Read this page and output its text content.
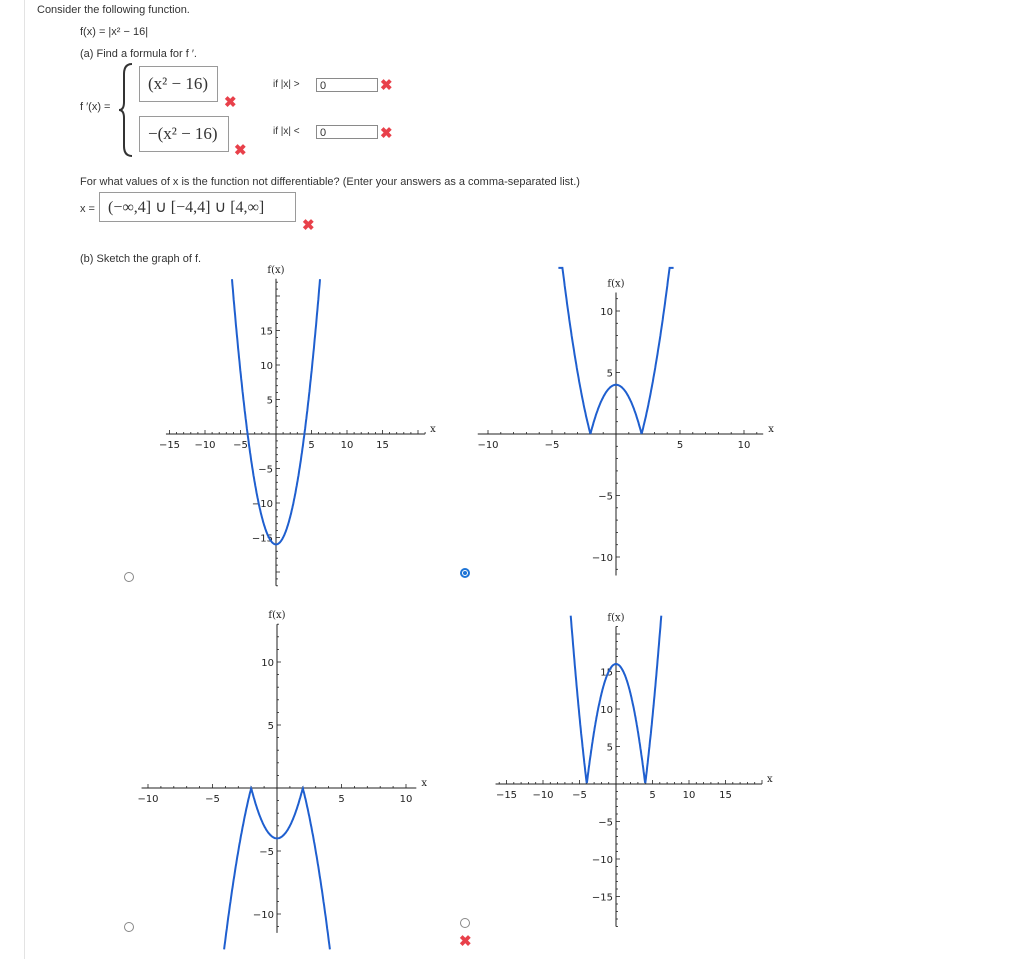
Consider the following function.
f(x) = |x² − 16|
(a) Find a formula for f ′.
f ′(x) =
(x² − 16)
✖
if |x| >	0	✖
−(x² − 16)
✖
if |x| <	0	✖
For what values of x is the function not differentiable? (Enter your answers as a comma-separated list.)
x = (−∞,4] ∪ [−4,4] ∪ [4,∞]
✖
(b) Sketch the graph of f.
−15 −10 −5	5	10 15
15
10
5
−5
−10
−15
f(x)
x
−10	−5	5	10
10
5
−5
−10
f(x)
x
−10	−5	5	10
10
5
−5
−10
f(x)
x
−15 −10 −5	5	10 15
15
10
5
−5
−10
−15
f(x)
x
✖
